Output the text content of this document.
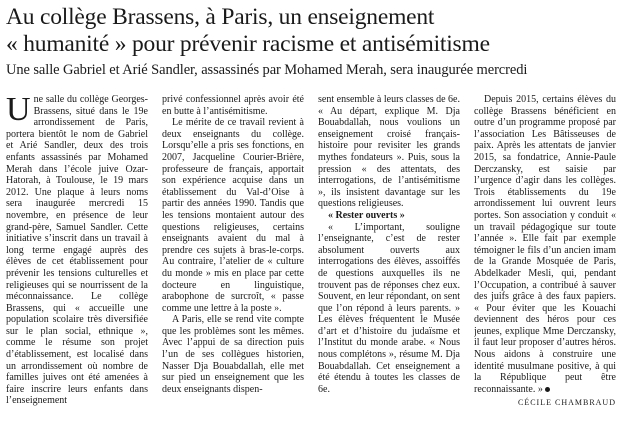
Au collège Brassens, à Paris, un enseignement
« humanité » pour prévenir racisme et antisémitisme

Une salle Gabriel et Arié Sandler, assassinés par Mohamed Merah, sera inaugurée mercredi

Une salle du collège Georges-Brassens, situé dans le 19e arrondissement de Paris, portera bientôt le nom de Gabriel et Arié Sandler, deux des trois enfants assassinés par Mohamed Merah dans l’école juive Ozar-Hatorah, à Toulouse, le 19 mars 2012. Une plaque à leurs noms sera inaugurée mercredi 15 novembre, en présence de leur grand-père, Samuel Sandler. Cette initiative s’inscrit dans un travail à long terme engagé auprès des élèves de cet établissement pour prévenir les tensions culturelles et religieuses qui se nourrissent de la méconnaissance. Le collège Brassens, qui « accueille une population scolaire très diversifiée sur le plan social, ethnique », comme le résume son projet d’établissement, est localisé dans un arrondissement où nombre de familles juives ont été amenées à faire inscrire leurs enfants dans l’enseignement

privé confessionnel après avoir été en butte à l’antisémitisme.

Le mérite de ce travail revient à deux enseignants du collège. Lorsqu’elle a pris ses fonctions, en 2007, Jacqueline Courier-Brière, professeure de français, apportait son expérience acquise dans un établissement du Val-d’Oise à partir des années 1990. Tandis que les tensions montaient autour des questions religieuses, certains enseignants avaient du mal à prendre ces sujets à bras-le-corps. Au contraire, l’atelier de « culture du monde » mis en place par cette docteure en linguistique, arabophone de surcroît, « passe comme une lettre à la poste ».

A Paris, elle se rend vite compte que les problèmes sont les mêmes. Avec l’appui de sa direction puis l’un de ses collègues historien, Nasser Dja Bouabdallah, elle met sur pied un enseignement que les deux enseignants dispen-

sent ensemble à leurs classes de 6e. « Au départ, explique M. Dja Bouabdallah, nous voulions un enseignement croisé français-histoire pour revisiter les grands mythes fondateurs ». Puis, sous la pression « des attentats, des interrogations, de l’antisémitisme », ils insistent davantage sur les questions religieuses.

« Rester ouverts »

« L’important, souligne l’enseignante, c’est de rester absolument ouverts aux interrogations des élèves, assoiffés de questions auxquelles ils ne trouvent pas de réponses chez eux. Souvent, en leur répondant, on sent que l’on répond à leurs parents. » Les élèves fréquentent le Musée d’art et d’histoire du judaïsme et l’Institut du monde arabe. « Nous nous complétons », résume M. Dja Bouabdallah. Cet enseignement a été étendu à toutes les classes de 6e.

Depuis 2015, certains élèves du collège Brassens bénéficient en outre d’un programme proposé par l’association Les Bâtisseuses de paix. Après les attentats de janvier 2015, sa fondatrice, Annie-Paule Derczansky, est saisie par l’urgence d’agir dans les collèges. Trois établissements du 19e arrondissement lui ouvrent leurs portes. Son association y conduit « un travail pédagogique sur toute l’année ». Elle fait par exemple témoigner le fils d’un ancien imam de la Grande Mosquée de Paris, Abdelkader Mesli, qui, pendant l’Occupation, a contribué à sauver des juifs grâce à des faux papiers. « Pour éviter que les Kouachi deviennent des héros pour ces jeunes, explique Mme Derczansky, il faut leur proposer d’autres héros. Nous aidons à construire une identité musulmane positive, à qui la République peut être reconnaissante. »

CÉCILE CHAMBRAUD
